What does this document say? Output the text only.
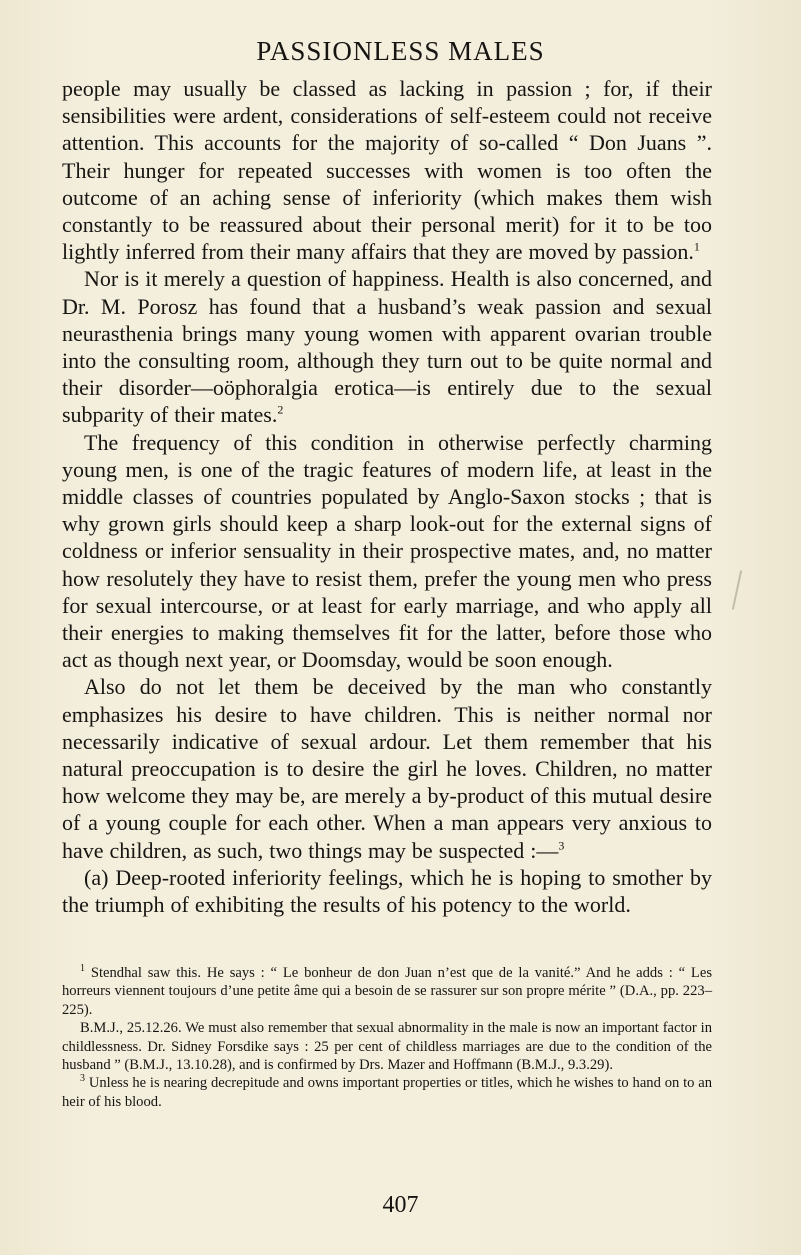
PASSIONLESS MALES

people may usually be classed as lacking in passion ; for, if their sensibilities were ardent, considerations of self-esteem could not receive attention. This accounts for the majority of so-called “ Don Juans ”. Their hunger for repeated successes with women is too often the outcome of an aching sense of inferiority (which makes them wish constantly to be reassured about their personal merit) for it to be too lightly inferred from their many affairs that they are moved by passion.$^1$

Nor is it merely a question of happiness. Health is also concerned, and Dr. M. Porosz has found that a husband’s weak passion and sexual neurasthenia brings many young women with apparent ovarian trouble into the consulting room, although they turn out to be quite normal and their disorder—oöphoralgia erotica—is entirely due to the sexual subparity of their mates.$^2$

The frequency of this condition in otherwise perfectly charming young men, is one of the tragic features of modern life, at least in the middle classes of countries populated by Anglo-Saxon stocks ; that is why grown girls should keep a sharp look-out for the external signs of coldness or inferior sensuality in their prospective mates, and, no matter how resolutely they have to resist them, prefer the young men who press for sexual intercourse, or at least for early marriage, and who apply all their energies to making themselves fit for the latter, before those who act as though next year, or Doomsday, would be soon enough.

Also do not let them be deceived by the man who constantly emphasizes his desire to have children. This is neither normal nor necessarily indicative of sexual ardour. Let them remember that his natural preoccupation is to desire the girl he loves. Children, no matter how welcome they may be, are merely a by-product of this mutual desire of a young couple for each other. When a man appears very anxious to have children, as such, two things may be suspected :—$^3$

(a) Deep-rooted inferiority feelings, which he is hoping to smother by the triumph of exhibiting the results of his potency to the world.

$^1$ Stendhal saw this. He says : “ Le bonheur de don Juan n’est que de la vanité.” And he adds : “ Les horreurs viennent toujours d’une petite âme qui a besoin de se rassurer sur son propre mérite ” (D.A., pp. 223–225).

B.M.J., 25.12.26. We must also remember that sexual abnormality in the male is now an important factor in childlessness. Dr. Sidney Forsdike says : 25 per cent of childless marriages are due to the condition of the husband ” (B.M.J., 13.10.28), and is confirmed by Drs. Mazer and Hoffmann (B.M.J., 9.3.29).

$^3$ Unless he is nearing decrepitude and owns important properties or titles, which he wishes to hand on to an heir of his blood.

407
